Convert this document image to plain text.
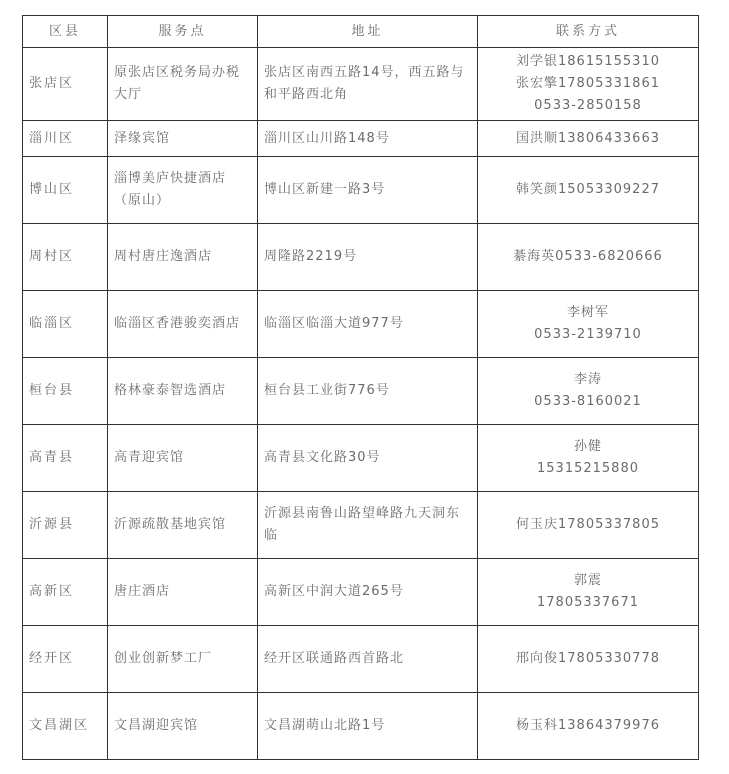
区县	服务点	地址	联系方式
张店区	原张店区税务局办税大厅	张店区南西五路14号，西五路与和平路西北角	刘学银18615155310
张宏擎17805331861
0533-2850158

淄川区	泽缘宾馆	淄川区山川路148号	国洪顺13806433663

博山区	淄博美庐快捷酒店（原山）	博山区新建一路3号	韩笑颜15053309227

周村区	周村唐庄逸酒店	周隆路2219号	綦海英0533-6820666

临淄区	临淄区香港骏奕酒店	临淄区临淄大道977号	李树军
0533-2139710

桓台县	格林豪泰智选酒店	桓台县工业街776号	李涛
0533-8160021

高青县	高青迎宾馆	高青县文化路30号	孙健
15315215880

沂源县	沂源疏散基地宾馆	沂源县南鲁山路望峰路九天洞东临	何玉庆17805337805

高新区	唐庄酒店	高新区中润大道265号	郭震
17805337671

经开区	创业创新梦工厂	经开区联通路西首路北	邢向俊17805330778

文昌湖区	文昌湖迎宾馆	文昌湖萌山北路1号	杨玉科13864379976
